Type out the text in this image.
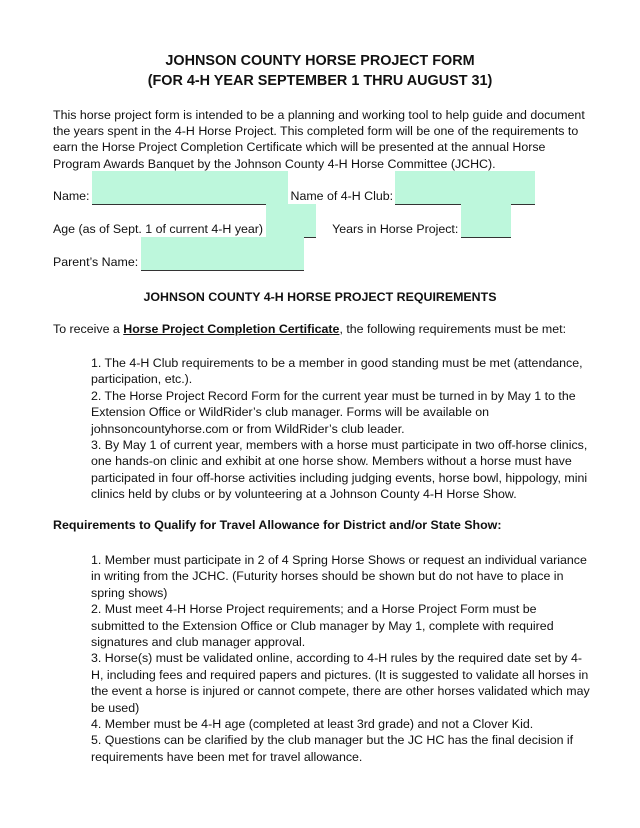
JOHNSON COUNTY HORSE PROJECT FORM
(FOR 4-H YEAR SEPTEMBER 1 THRU AUGUST 31)
This horse project form is intended to be a planning and working tool to help guide and document the years spent in the 4-H Horse Project. This completed form will be one of the requirements to earn the Horse Project Completion Certificate which will be presented at the annual Horse Program Awards Banquet by the Johnson County 4-H Horse Committee (JCHC).
Name:	Name of 4-H Club:
Age (as of Sept. 1 of current 4-H year)	Years in Horse Project:
Parent’s Name:
JOHNSON COUNTY 4-H HORSE PROJECT REQUIREMENTS
To receive a Horse Project Completion Certificate, the following requirements must be met:
1. The 4-H Club requirements to be a member in good standing must be met (attendance, participation, etc.).
2. The Horse Project Record Form for the current year must be turned in by May 1 to the Extension Office or WildRider’s club manager. Forms will be available on johnsoncountyhorse.com or from WildRider’s club leader.
3. By May 1 of current year, members with a horse must participate in two off-horse clinics, one hands-on clinic and exhibit at one horse show. Members without a horse must have participated in four off-horse activities including judging events, horse bowl, hippology, mini clinics held by clubs or by volunteering at a Johnson County 4-H Horse Show.
Requirements to Qualify for Travel Allowance for District and/or State Show:
1. Member must participate in 2 of 4 Spring Horse Shows or request an individual variance in writing from the JCHC. (Futurity horses should be shown but do not have to place in spring shows)
2. Must meet 4-H Horse Project requirements; and a Horse Project Form must be submitted to the Extension Office or Club manager by May 1, complete with required signatures and club manager approval.
3. Horse(s) must be validated online, according to 4-H rules by the required date set by 4-H, including fees and required papers and pictures. (It is suggested to validate all horses in the event a horse is injured or cannot compete, there are other horses validated which may be used)
4. Member must be 4-H age (completed at least 3rd grade) and not a Clover Kid.
5. Questions can be clarified by the club manager but the JC HC has the final decision if requirements have been met for travel allowance.
